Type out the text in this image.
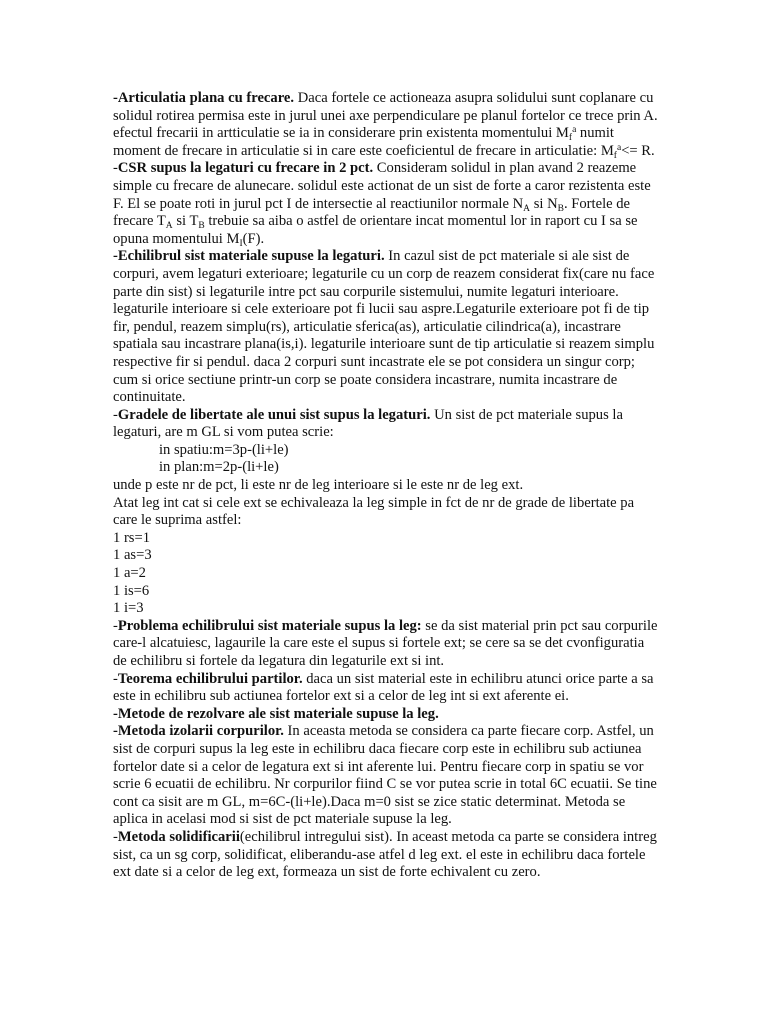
-Articulatia plana cu frecare. Daca fortele ce actioneaza asupra solidului sunt coplanare cu solidul rotirea permisa este in jurul unei axe perpendiculare pe planul fortelor ce trece prin A. efectul frecarii in artticulatie se ia in considerare prin existenta momentului $M_f^a$ numit moment de frecare in articulatie si in care este coeficientul de frecare in articulatie: $M_f^a<= R$.

-CSR supus la legaturi cu frecare in 2 pct. Consideram solidul in plan avand 2 reazeme simple cu frecare de alunecare. solidul este actionat de un sist de forte a caror rezistenta este F. El se poate roti in jurul pct I de intersectie al reactiunilor normale $N_A$ si $N_B$. Fortele de frecare $T_A$ si $T_B$ trebuie sa aiba o astfel de orientare incat momentul lor in raport cu I sa se opuna momentului $M_I(F)$.

-Echilibrul sist materiale supuse la legaturi. In cazul sist de pct materiale si ale sist de corpuri, avem legaturi exterioare; legaturile cu un corp de reazem considerat fix(care nu face parte din sist) si legaturile intre pct sau corpurile sistemului, numite legaturi interioare. legaturile interioare si cele exterioare pot fi lucii sau aspre.Legaturile exterioare pot fi de tip fir, pendul, reazem simplu(rs), articulatie sferica(as), articulatie cilindrica(a), incastrare spatiala sau incastrare plana(is,i). legaturile interioare sunt de tip articulatie si reazem simplu respective fir si pendul. daca 2 corpuri sunt incastrate ele se pot considera un singur corp; cum si orice sectiune printr-un corp se poate considera incastrare, numita incastrare de continuitate.

-Gradele de libertate ale unui sist supus la legaturi. Un sist de pct materiale supus la legaturi, are m GL si vom putea scrie:

in spatiu:m=3p-(li+le)

in plan:m=2p-(li+le)

unde p este nr de pct, li este nr de leg interioare si le este nr de leg ext.

Atat leg int cat si cele ext se echivaleaza la leg simple in fct de nr de grade de libertate pa care le suprima astfel:

1 rs=1

1 as=3

1 a=2

1 is=6

1 i=3

-Problema echilibrului sist materiale supus la leg: se da sist material prin pct sau corpurile care-l alcatuiesc, lagaurile la care este el supus si fortele ext; se cere sa se det cvonfiguratia de echilibru si fortele da legatura din legaturile ext si int.

-Teorema echilibrului partilor. daca un sist material este in echilibru atunci orice parte a sa este in echilibru sub actiunea fortelor ext si a celor de leg int si ext aferente ei.

-Metode de rezolvare ale sist materiale supuse la leg.

-Metoda izolarii corpurilor. In aceasta metoda se considera ca parte fiecare corp. Astfel, un sist de corpuri supus la leg este in echilibru daca fiecare corp este in echilibru sub actiunea fortelor date si a celor de legatura ext si int aferente lui. Pentru fiecare corp in spatiu se vor scrie 6 ecuatii de echilibru. Nr corpurilor fiind C se vor putea scrie in total 6C ecuatii. Se tine cont ca sisit are m GL, m=6C-(li+le).Daca m=0 sist se zice static determinat. Metoda se aplica in acelasi mod si sist de pct materiale supuse la leg.

-Metoda solidificarii(echilibrul intregului sist). In aceast metoda ca parte se considera intreg sist, ca un sg corp, solidificat, eliberandu-ase atfel d leg ext. el este in echilibru daca fortele ext date si a celor de leg ext, formeaza un sist de forte echivalent cu zero.
